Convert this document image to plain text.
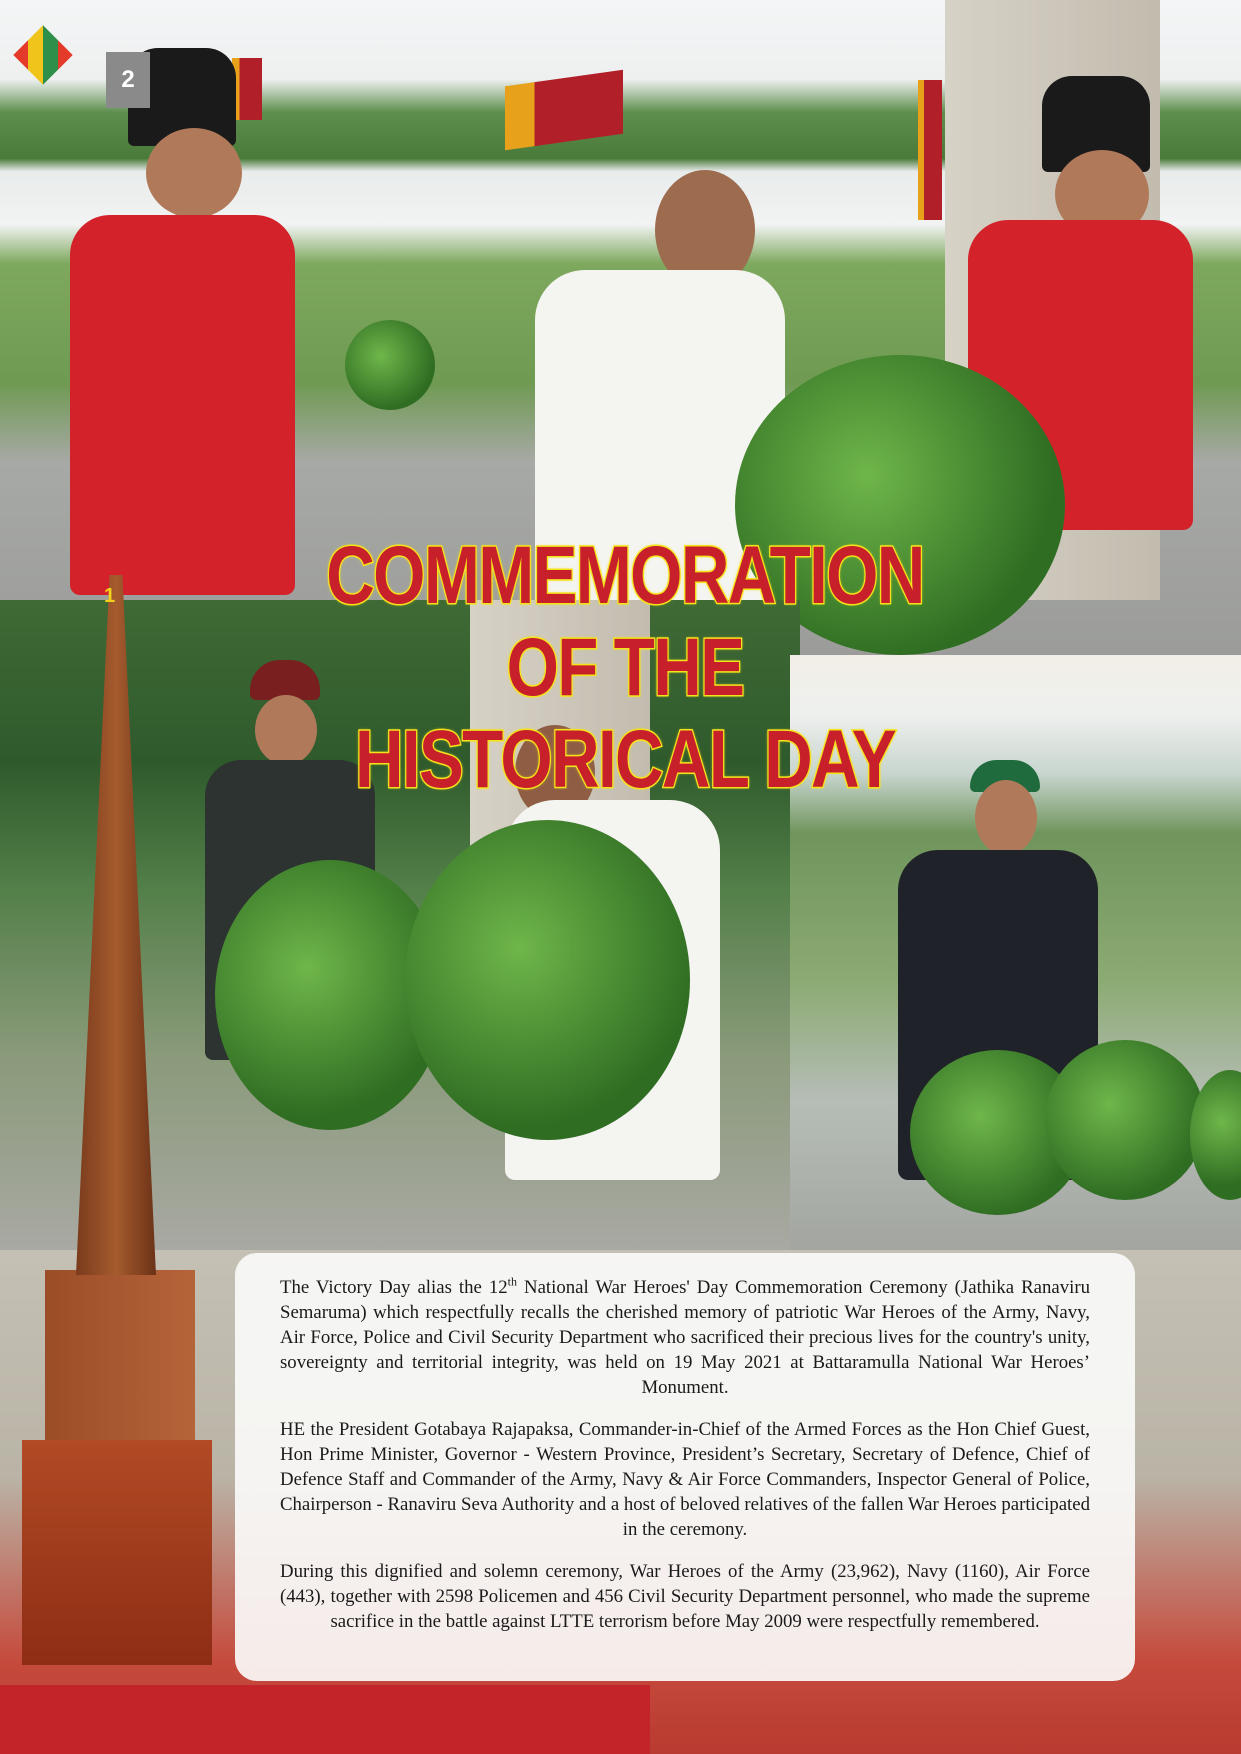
2
1	COMMEMORATION OF THE
HISTORICAL DAY

The Victory Day alias the 12th National War Heroes' Day Commemoration Ceremony (Jathika Ranaviru Semaruma) which respectfully recalls the cherished memory of patriotic War Heroes of the Army, Navy, Air Force, Police and Civil Security Department who sacrificed their precious lives for the country's unity, sovereignty and territorial integrity, was held on 19 May 2021 at Battaramulla National War Heroes’ Monument.

HE the President Gotabaya Rajapaksa, Commander-in-Chief of the Armed Forces as the Hon Chief Guest, Hon Prime Minister, Governor - Western Province, President’s Secretary, Secretary of Defence, Chief of Defence Staff and Commander of the Army, Navy & Air Force Commanders, Inspector General of Police, Chairperson - Ranaviru Seva Authority and a host of beloved relatives of the fallen War Heroes participated in the ceremony.

During this dignified and solemn ceremony, War Heroes of the Army (23,962), Navy (1160), Air Force (443), together with 2598 Policemen and 456 Civil Security Department personnel, who made the supreme sacrifice in the battle against LTTE terrorism before May 2009 were respectfully remembered.
